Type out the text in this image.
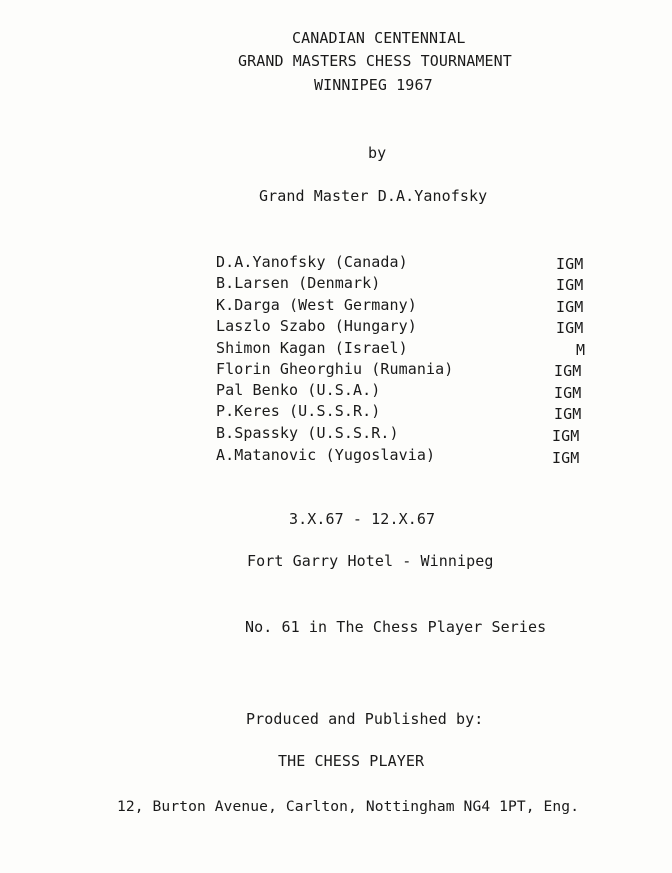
CANADIAN CENTENNIAL
GRAND MASTERS CHESS TOURNAMENT
WINNIPEG 1967
by
Grand Master D.A.Yanofsky
D.A.Yanofsky (Canada)	IGM
B.Larsen (Denmark)	IGM
K.Darga (West Germany)	IGM
Laszlo Szabo (Hungary)	IGM
Shimon Kagan (Israel)	M
Florin Gheorghiu (Rumania)	IGM
Pal Benko (U.S.A.)	IGM
P.Keres (U.S.S.R.)	IGM
B.Spassky (U.S.S.R.)	IGM
A.Matanovic (Yugoslavia)	IGM
3.X.67 - 12.X.67
Fort Garry Hotel - Winnipeg
No. 61 in The Chess Player Series
Produced and Published by:
THE CHESS PLAYER
12, Burton Avenue, Carlton, Nottingham NG4 1PT, Eng.
